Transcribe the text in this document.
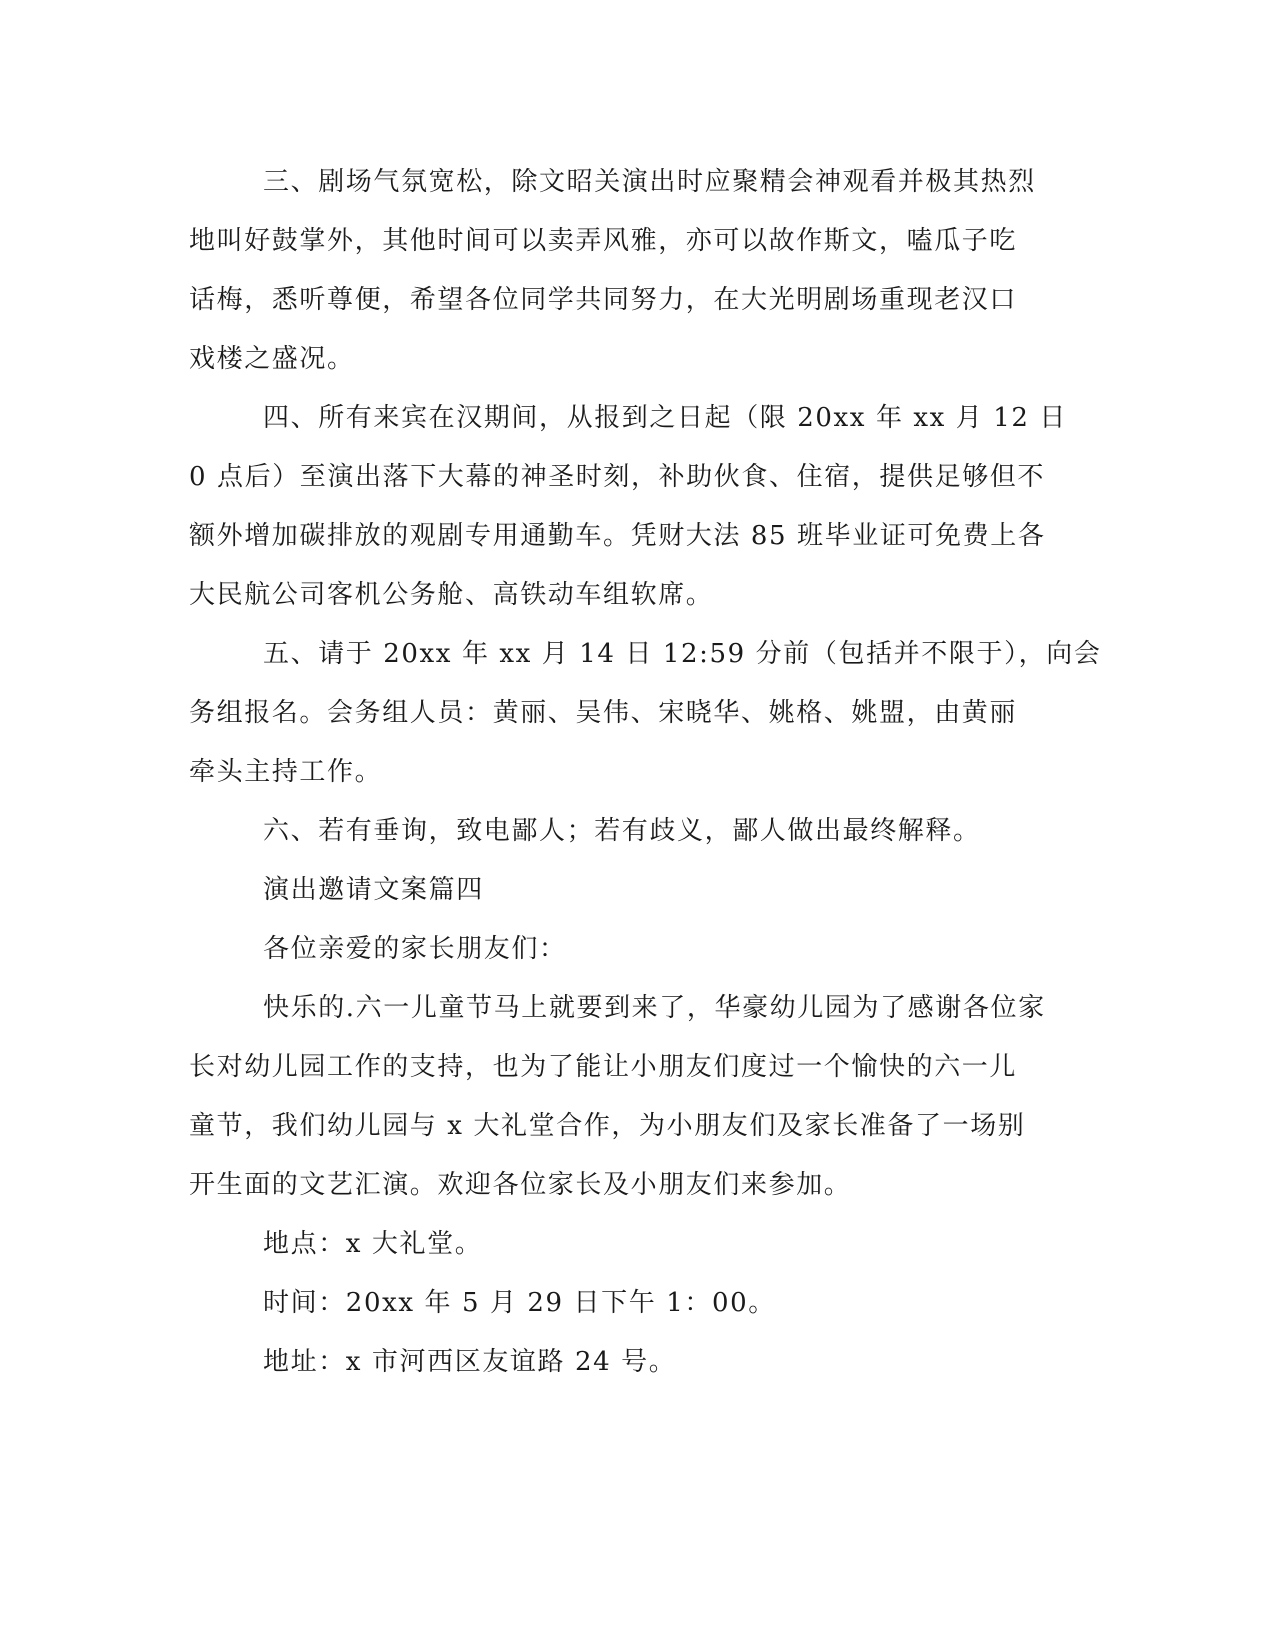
三、剧场气氛宽松，除文昭关演出时应聚精会神观看并极其热烈
地叫好鼓掌外，其他时间可以卖弄风雅，亦可以故作斯文，嗑瓜子吃
话梅，悉听尊便，希望各位同学共同努力，在大光明剧场重现老汉口
戏楼之盛况。
四、所有来宾在汉期间，从报到之日起（限 20xx 年 xx 月 12 日
0 点后）至演出落下大幕的神圣时刻，补助伙食、住宿，提供足够但不
额外增加碳排放的观剧专用通勤车。凭财大法 85 班毕业证可免费上各
大民航公司客机公务舱、高铁动车组软席。
五、请于 20xx 年 xx 月 14 日 12:59 分前（包括并不限于），向会
务组报名。会务组人员：黄丽、吴伟、宋晓华、姚格、姚盟，由黄丽
牵头主持工作。
六、若有垂询，致电鄙人；若有歧义，鄙人做出最终解释。
演出邀请文案篇四
各位亲爱的家长朋友们：
快乐的.六一儿童节马上就要到来了，华豪幼儿园为了感谢各位家
长对幼儿园工作的支持，也为了能让小朋友们度过一个愉快的六一儿
童节，我们幼儿园与 x 大礼堂合作，为小朋友们及家长准备了一场别
开生面的文艺汇演。欢迎各位家长及小朋友们来参加。
地点：x 大礼堂。
时间：20xx 年 5 月 29 日下午 1：00。
地址：x 市河西区友谊路 24 号。
